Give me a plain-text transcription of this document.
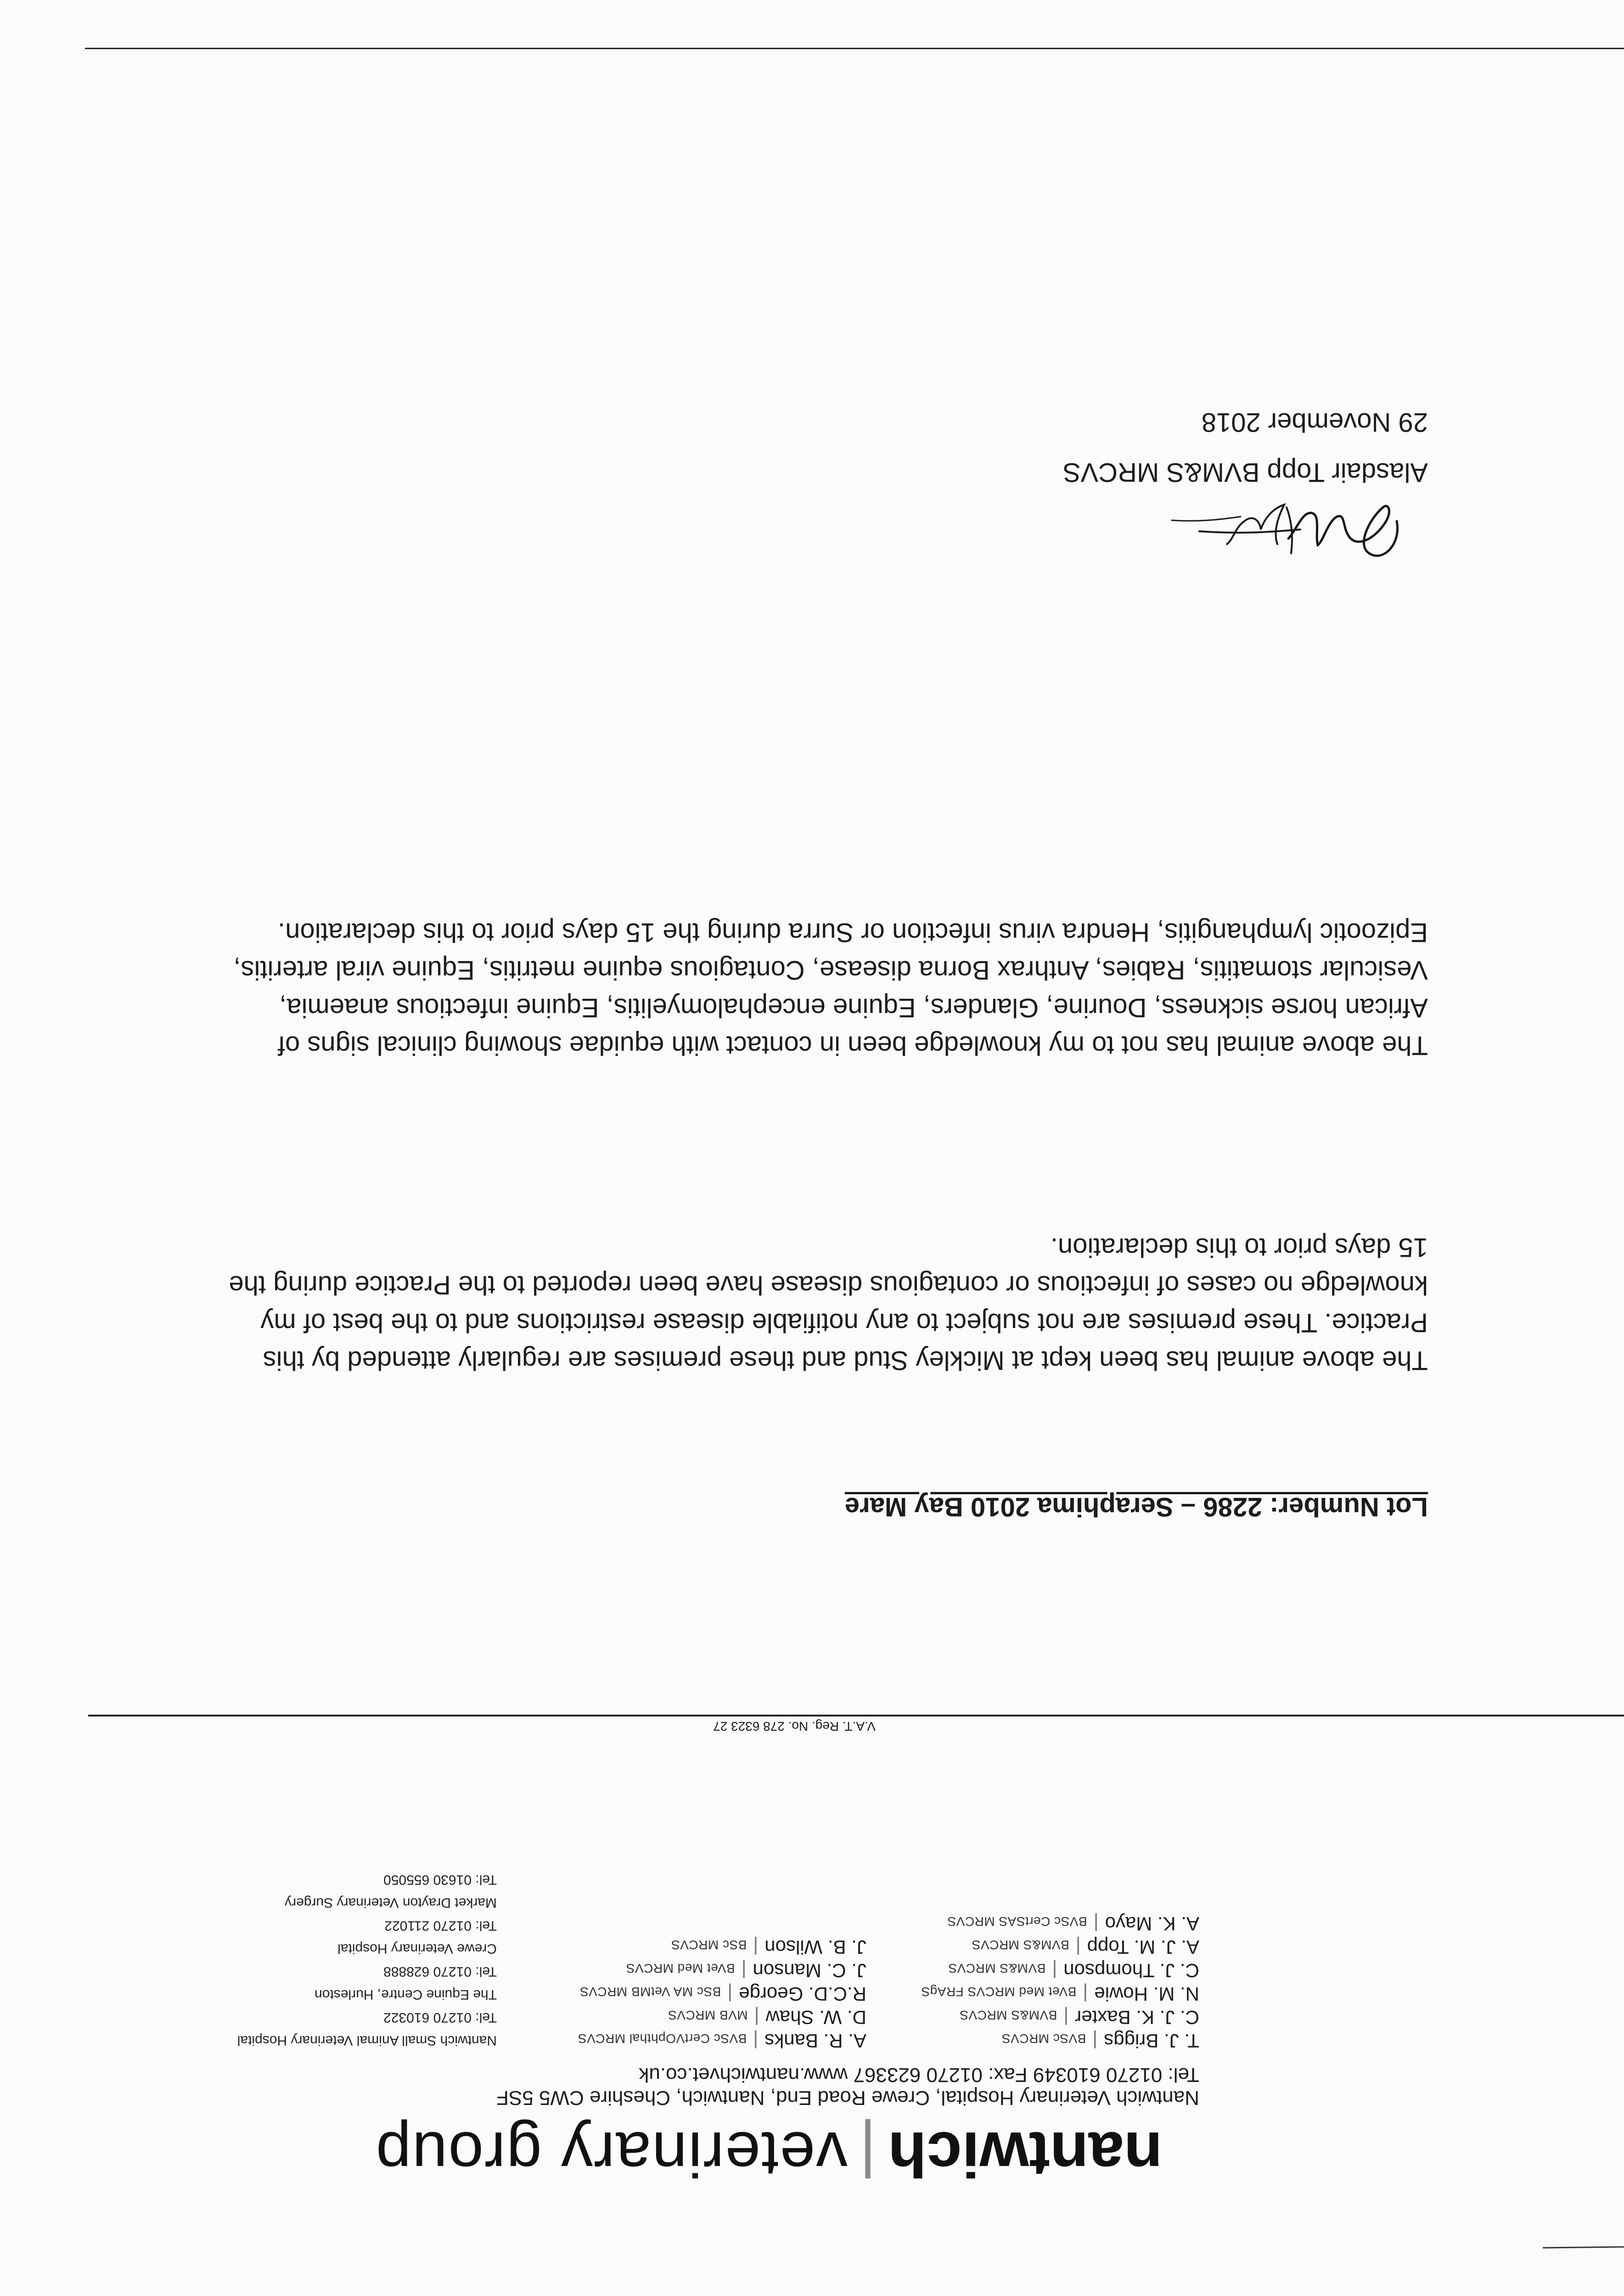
nantwich|veterinary group
Nantwich Veterinary Hospital, Crewe Road End, Nantwich, Cheshire CW5 5SF
Tel: 01270 610349 Fax: 01270 623367 www.nantwichvet.co.uk
T. J. Briggs|BVSc MRCVS
C. J. K. Baxter|BVM&S MRCVS
N. M. Howie|BVet Med MRCVS FRAgS
C. J. Thompson|BVM&S MRCVS
A. J. M. Topp|BVM&S MRCVS
A. K. Mayo|BVSc CertSAS MRCVS
A. R. Banks|BVSc CertVOphthal MRCVS
D. W. Shaw|MVB MRCVS
R.C.D. George|BSc MA VetMB MRCVS
J. C. Manson|BVet Med MRCVS
J. B. Wilson|BSc MRCVS
Nantwich Small Animal Veterinary Hospital
Tel: 01270 610322
The Equine Centre, Hurleston
Tel: 01270 628888
Crewe Veterinary Hospital
Tel: 01270 211022
Market Drayton Veterinary Surgery
Tel: 01630 655050
V.A.T. Reg. No. 278 6323 27
Lot Number: 2286 – Seraphima 2010 Bay Mare
The above animal has been kept at Mickley Stud and these premises are regularly attended by this Practice. These premises are not subject to any notifiable disease restrictions and to the best of my knowledge no cases of infectious or contagious disease have been reported to the Practice during the 15 days prior to this declaration.
The above animal has not to my knowledge been in contact with equidae showing clinical signs of African horse sickness, Dourine, Glanders, Equine encephalomyelitis, Equine infectious anaemia, Vesicular stomatitis, Rabies, Anthrax Borna disease, Contagious equine metritis, Equine viral arteritis, Epizootic lymphangitis, Hendra virus infection or Surra during the 15 days prior to this declaration.
Alasdair Topp BVM&S MRCVS
29 November 2018
